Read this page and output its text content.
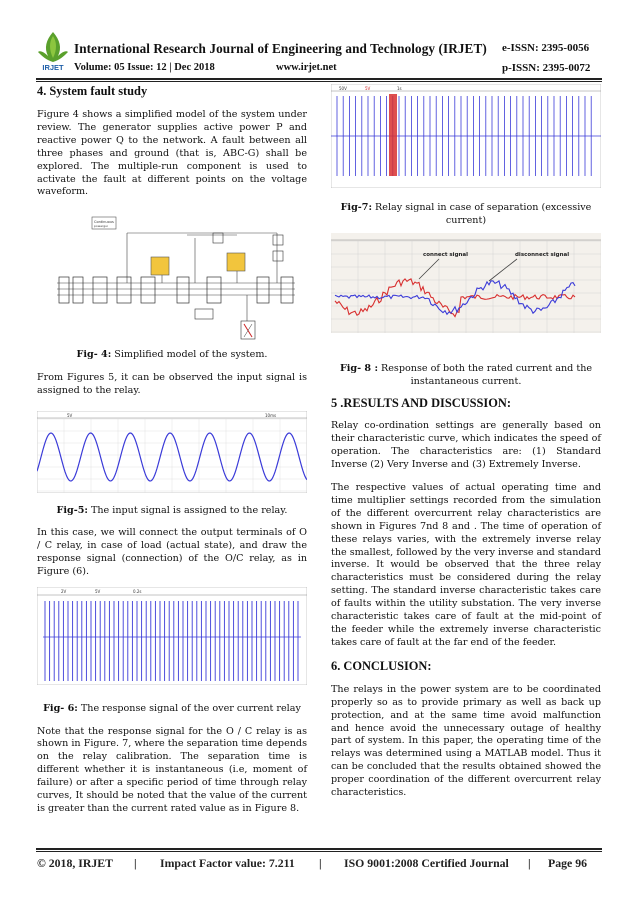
IRJET
International Research Journal of Engineering and Technology (IRJET) e-ISSN: 2395-0056
Volume: 05 Issue: 12 | Dec 2018	www.irjet.net	p-ISSN: 2395-0072
4. System fault study

Figure 4 shows a simplified model of the system under review. The generator supplies active power P and reactive power Q to the network. A fault between all three phases and ground (that is, ABC-G) shall be explored. The multiple-run component is used to activate the fault at different points on the voltage waveform.

Continuous
powergui
Fig- 4: Simplified model of the system.

From Figures 5, it can be observed the input signal is assigned to the relay.

5V	10ms
Fig-5: The input signal is assigned to the relay.

In this case, we will connect the output terminals of O / C relay, in case of load (actual state), and draw the response signal (connection) of the O/C relay, as in Figure (6).

2V	5V	0.2s
Fig- 6: The response signal of the over current relay

Note that the response signal for the O / C relay is as shown in Figure. 7, where the separation time depends on the relay calibration. The separation time is different whether it is instantaneous (i.e, moment of failure) or after a specific period of time through relay curves, It should be noted that the value of the current is greater than the current rated value as in Figure 8.

50V	5V	1s
Fig-7: Relay signal in case of separation (excessive current)
connect signal	disconnect signal
Fig- 8 : Response of both the rated current and the instantaneous current.
5 .RESULTS AND DISCUSSION:

Relay co-ordination settings are generally based on their characteristic curve, which indicates the speed of operation. The characteristics are: (1) Standard Inverse (2) Very Inverse and (3) Extremely Inverse.

The respective values of actual operating time and time multiplier settings recorded from the simulation of the different overcurrent relay characteristics are shown in Figures 7nd 8 and . The time of operation of these relays varies, with the extremely inverse relay the smallest, followed by the very inverse and standard inverse. It would be observed that the three relay characteristics must be considered during the relay setting. The standard inverse characteristic takes care of faults within the utility substation. The very inverse characteristic takes care of fault at the mid-point of the feeder while the extremely inverse characteristic takes care of fault at the far end of the feeder.

6. CONCLUSION:

The relays in the power system are to be coordinated properly so as to provide primary as well as back up protection, and at the same time avoid malfunction and hence avoid the unnecessary outage of healthy part of system. In this paper, the operating time of the relays was determined using a MATLAB model. Thus it can be concluded that the results obtained showed the proper coordination of the different overcurrent relay characteristics.

© 2018, IRJET | Impact Factor value: 7.211 | ISO 9001:2008 Certified Journal | Page 96
